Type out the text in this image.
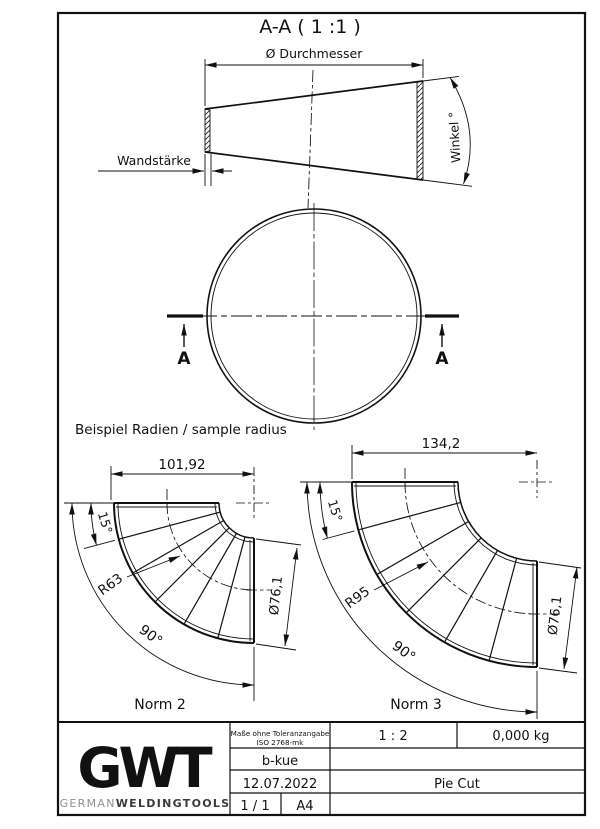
A-A ( 1 :1 )
Ø Durchmesser
Wandstärke	Winkel °
A	A
Beispiel Radien / sample radius
101,92
90°
15°
R63	Ø76,1
Norm 2
134,2
90°
15°
R95	Ø76,1
Norm 3
Maße ohne Toleranzangabe
ISO 2768-mk	1 : 2	0,000 kg
b-kue
12.07.2022	Pie Cut
1 / 1 A4
GWT
GERMANWELDINGTOOLS
